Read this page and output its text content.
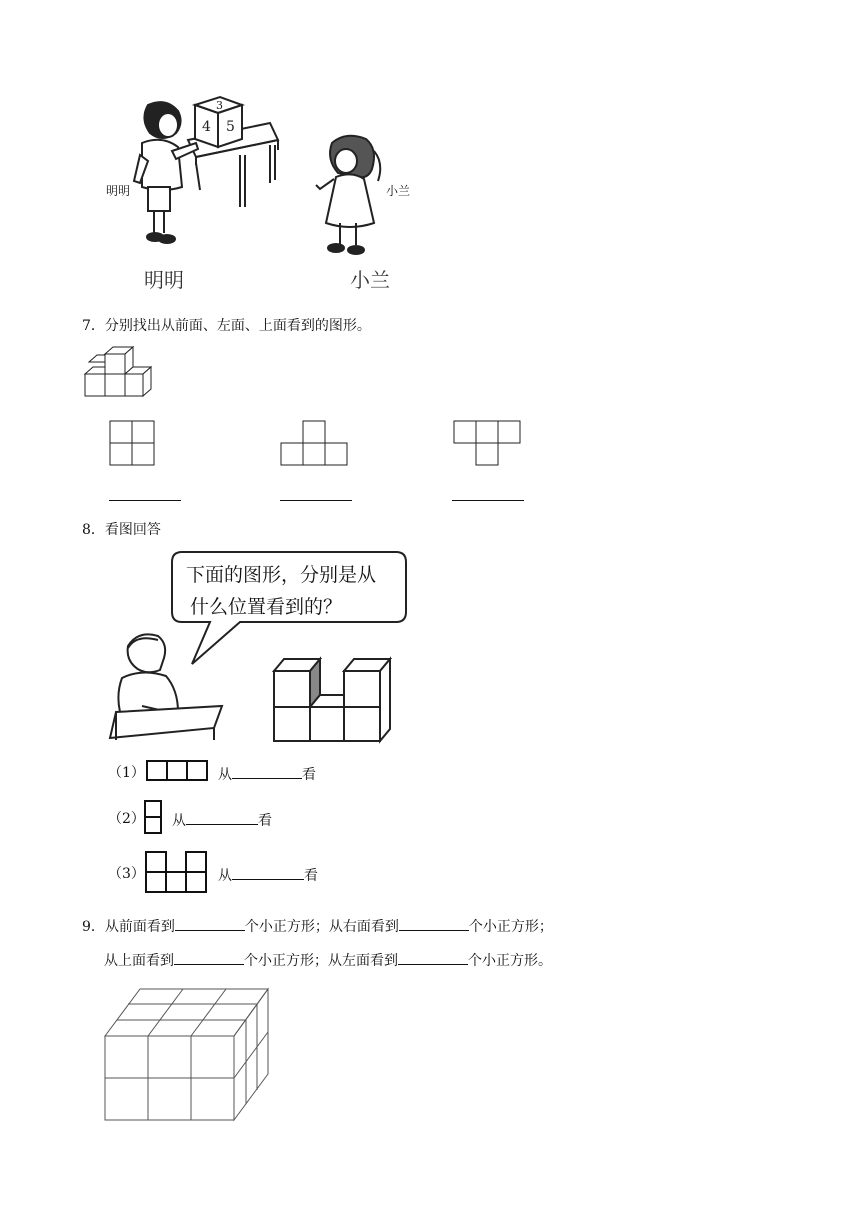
3
4 5
明明	小兰
明明	小兰
7．分别找出从前面、左面、上面看到的图形。
8．看图回答
下面的图形，分别是从
什么位置看到的？
（1）	从	看
（2） 从	看
（3）	从	看
9．从前面看到	个小正方形；从右面看到	个小正方形；
从上面看到	个小正方形；从左面看到	个小正方形。
